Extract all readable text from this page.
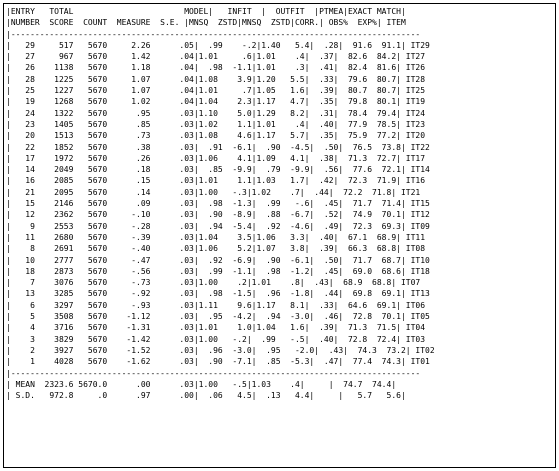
|ENTRY   TOTAL                       MODEL|   INFIT  |  OUTFIT  |PTMEA|EXACT MATCH|
|NUMBER  SCORE  COUNT  MEASURE  S.E. |MNSQ  ZSTD|MNSQ  ZSTD|CORR.| OBS%  EXP%| ITEM
|-------------------------------------------------------------------------------------
|   29     517   5670     2.26      .05|  .99    -.2|1.40   5.4|  .28|  91.6  91.1| IT29
|   27     967   5670     1.42      .04|1.01     .6|1.01    .4|  .37|  82.6  84.2| IT27
|   26    1138   5670     1.18      .04|  .98  -1.1|1.01    .3|  .41|  82.4  81.6| IT26
|   28    1225   5670     1.07      .04|1.08    3.9|1.20   5.5|  .33|  79.6  80.7| IT28
|   25    1227   5670     1.07      .04|1.01     .7|1.05   1.6|  .39|  80.7  80.7| IT25
|   19    1268   5670     1.02      .04|1.04    2.3|1.17   4.7|  .35|  79.8  80.1| IT19
|   24    1322   5670      .95      .03|1.10    5.0|1.29   8.2|  .31|  78.4  79.4| IT24
|   23    1405   5670      .85      .03|1.02    1.1|1.01    .4|  .40|  77.9  78.5| IT23
|   20    1513   5670      .73      .03|1.08    4.6|1.17   5.7|  .35|  75.9  77.2| IT20
|   22    1852   5670      .38      .03|  .91  -6.1|  .90  -4.5|  .50|  76.5  73.8| IT22
|   17    1972   5670      .26      .03|1.06    4.1|1.09   4.1|  .38|  71.3  72.7| IT17
|   14    2049   5670      .18      .03|  .85  -9.9|  .79  -9.9|  .56|  77.6  72.1| IT14
|   16    2085   5670      .15      .03|1.01    1.1|1.03   1.7|  .42|  72.3  71.9| IT16
|   21    2095   5670      .14      .03|1.00   -.3|1.02    .7|  .44|  72.2  71.8| IT21
|   15    2146   5670      .09      .03|  .98  -1.3|  .99   -.6|  .45|  71.7  71.4| IT15
|   12    2362   5670     -.10      .03|  .90  -8.9|  .88  -6.7|  .52|  74.9  70.1| IT12
|    9    2553   5670     -.28      .03|  .94  -5.4|  .92  -4.6|  .49|  72.3  69.3| IT09
|   11    2680   5670     -.39      .03|1.04    3.5|1.06   3.3|  .40|  67.1  68.9| IT11
|    8    2691   5670     -.40      .03|1.06    5.2|1.07   3.8|  .39|  66.3  68.8| IT08
|   10    2777   5670     -.47      .03|  .92  -6.9|  .90  -6.1|  .50|  71.7  68.7| IT10
|   18    2873   5670     -.56      .03|  .99  -1.1|  .98  -1.2|  .45|  69.0  68.6| IT18
|    7    3076   5670     -.73      .03|1.00    .2|1.01    .8|  .43|  68.9  68.8| IT07
|   13    3285   5670     -.92      .03|  .98  -1.5|  .96  -1.8|  .44|  69.8  69.1| IT13
|    6    3297   5670     -.93      .03|1.11    9.6|1.17   8.1|  .33|  64.6  69.1| IT06
|    5    3508   5670    -1.12      .03|  .95  -4.2|  .94  -3.0|  .46|  72.8  70.1| IT05
|    4    3716   5670    -1.31      .03|1.01    1.0|1.04   1.6|  .39|  71.3  71.5| IT04
|    3    3829   5670    -1.42      .03|1.00   -.2|  .99   -.5|  .40|  72.8  72.4| IT03
|    2    3927   5670    -1.52      .03|  .96  -3.0|  .95   -2.0|  .43|  74.3  73.2| IT02
|    1    4028   5670    -1.62      .03|  .90  -7.1|  .85  -5.3|  .47|  77.4  74.3| IT01
|-------------------------------------------------------------------------------------
| MEAN  2323.6 5670.0      .00      .03|1.00   -.5|1.03    .4|     |  74.7  74.4|
| S.D.   972.8     .0      .97      .00|  .06   4.5|  .13   4.4|     |   5.7   5.6|
